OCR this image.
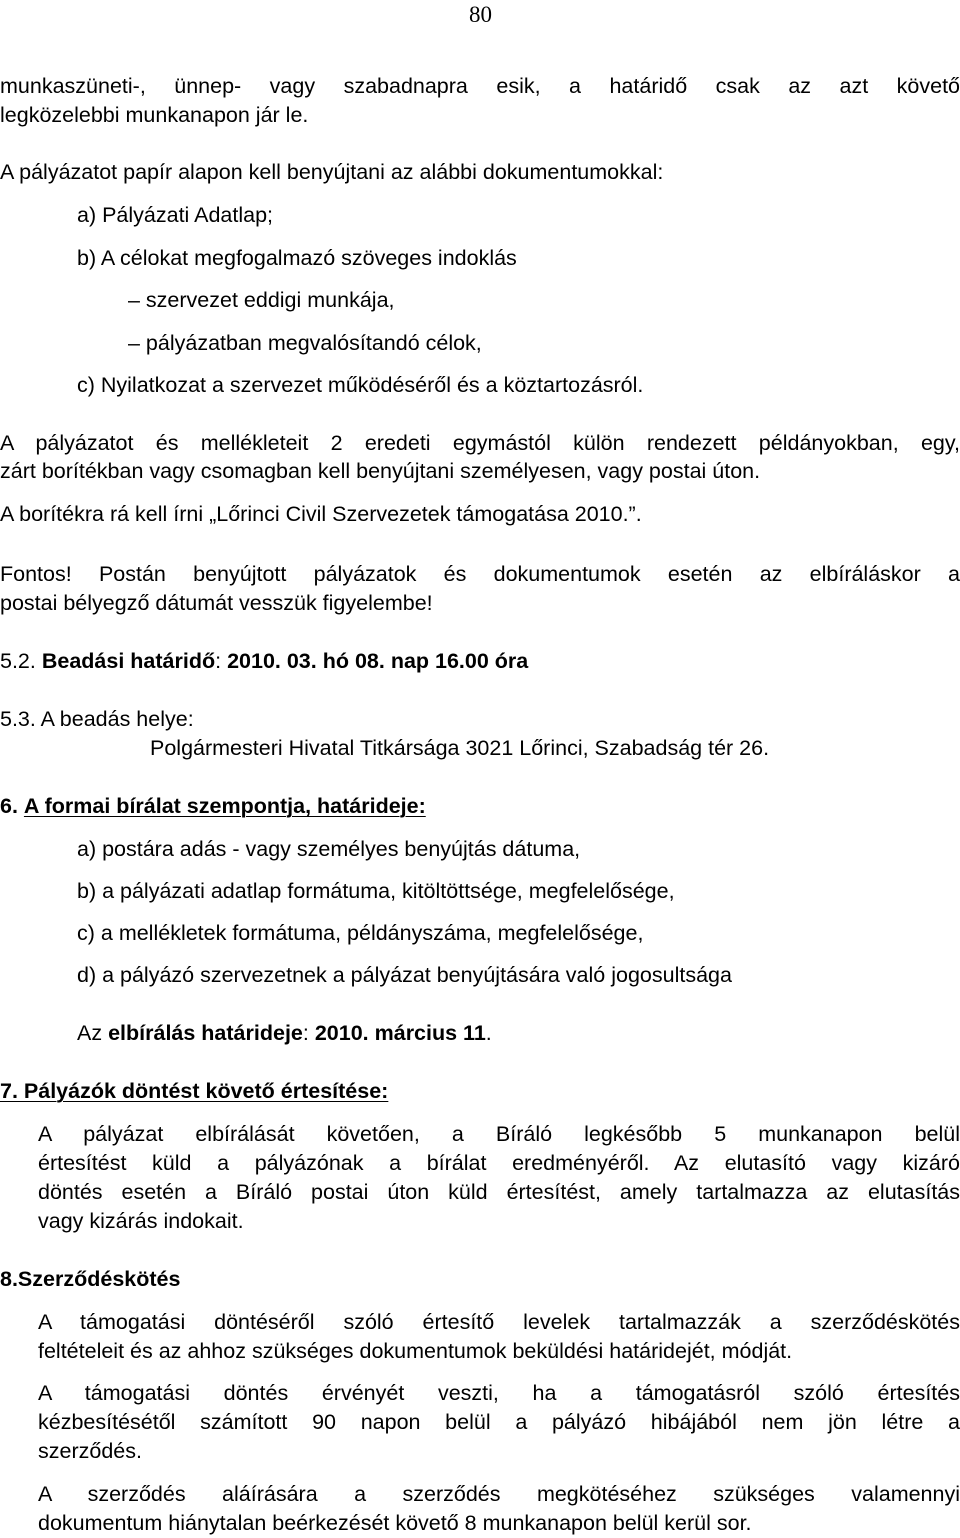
80
munkaszüneti-, ünnep- vagy szabadnapra esik, a határidő csak az azt követő
legközelebbi munkanapon jár le.
A pályázatot papír alapon kell benyújtani az alábbi dokumentumokkal:
a) Pályázati Adatlap;
b) A célokat megfogalmazó szöveges indoklás
– szervezet eddigi munkája,
– pályázatban megvalósítandó célok,
c) Nyilatkozat a szervezet működéséről és a köztartozásról.
A pályázatot és mellékleteit 2 eredeti egymástól külön rendezett példányokban, egy,
zárt borítékban vagy csomagban kell benyújtani személyesen, vagy postai úton.
A borítékra rá kell írni „Lőrinci Civil Szervezetek támogatása 2010.”.
Fontos! Postán benyújtott pályázatok és dokumentumok esetén az elbíráláskor a
postai bélyegző dátumát vesszük figyelembe!
5.2. Beadási határidő: 2010. 03. hó 08. nap 16.00 óra
5.3. A beadás helye:
Polgármesteri Hivatal Titkársága 3021 Lőrinci, Szabadság tér 26.
6. A formai bírálat szempontja, határideje:
a) postára adás - vagy személyes benyújtás dátuma,
b) a pályázati adatlap formátuma, kitöltöttsége, megfelelősége,
c) a mellékletek formátuma, példányszáma, megfelelősége,
d) a pályázó szervezetnek a pályázat benyújtására való jogosultsága
Az elbírálás határideje: 2010. március 11.
7. Pályázók döntést követő értesítése:
A pályázat elbírálását követően, a Bíráló legkésőbb 5 munkanapon belül
értesítést küld a pályázónak a bírálat eredményéről. Az elutasító vagy kizáró
döntés esetén a Bíráló postai úton küld értesítést, amely tartalmazza az elutasítás
vagy kizárás indokait.
8.Szerződéskötés
A támogatási döntéséről szóló értesítő levelek tartalmazzák a szerződéskötés
feltételeit és az ahhoz szükséges dokumentumok beküldési határidejét, módját.
A támogatási döntés érvényét veszti, ha a támogatásról szóló értesítés
kézbesítésétől számított 90 napon belül a pályázó hibájából nem jön létre a
szerződés.
A szerződés aláírására a szerződés megkötéséhez szükséges valamennyi
dokumentum hiánytalan beérkezését követő 8 munkanapon belül kerül sor.
